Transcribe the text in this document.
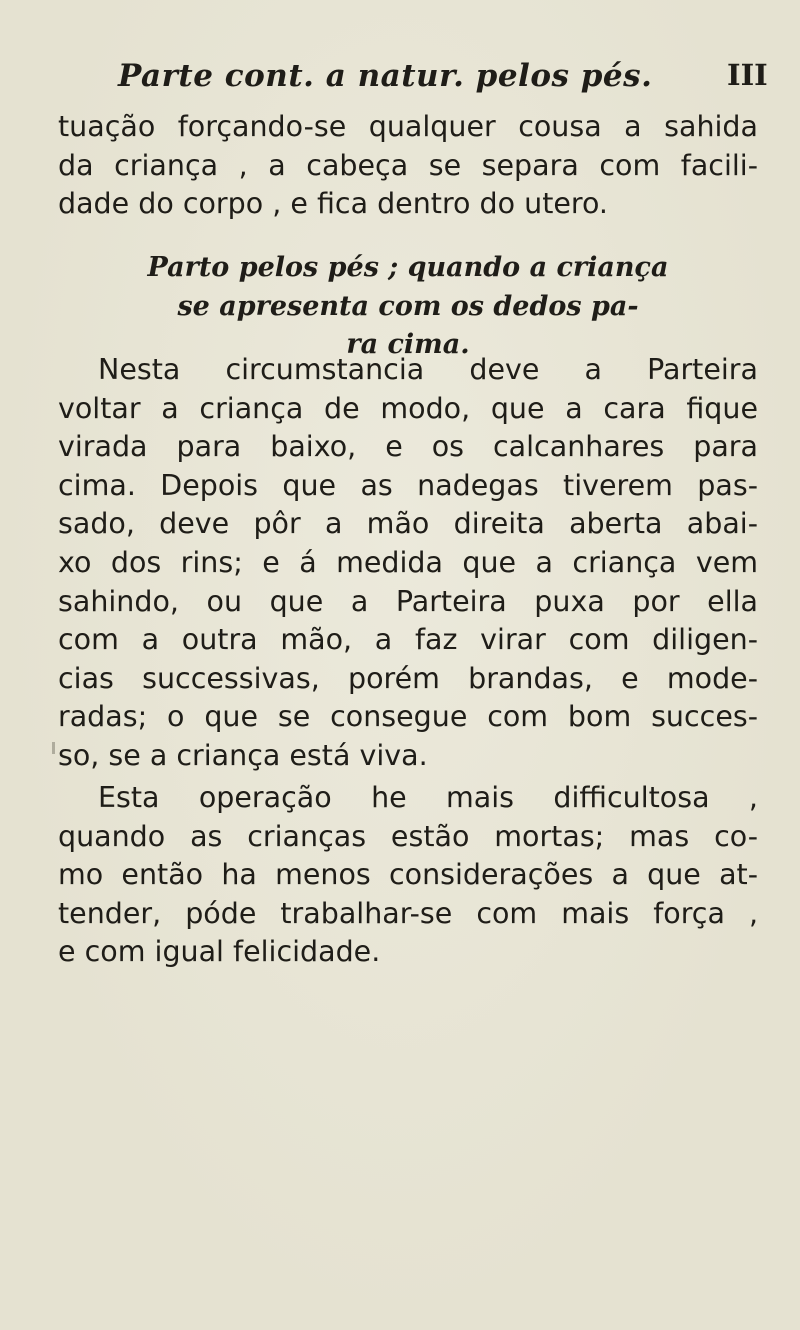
Parte cont. a natur. pelos pés.	III
tuação forçando-se qualquer cousa a sahida
da criança , a cabeça se separa com facili-
dade do corpo , e fica dentro do utero.
Parto pelos pés ; quando a criança
se apresenta com os dedos pa-
ra cima.
Nesta circumstancia deve a Parteira
voltar a criança de modo, que a cara fique
virada para baixo, e os calcanhares para
cima. Depois que as nadegas tiverem pas-
sado, deve pôr a mão direita aberta abai-
xo dos rins; e á medida que a criança vem
sahindo, ou que a Parteira puxa por ella
com a outra mão, a faz virar com diligen-
cias successivas, porém brandas, e mode-
radas; o que se consegue com bom succes-
so, se a criança está viva.
Esta operação he mais difficultosa ,
quando as crianças estão mortas; mas co-
mo então ha menos considerações a que at-
tender, póde trabalhar-se com mais força ,
e com igual felicidade.
